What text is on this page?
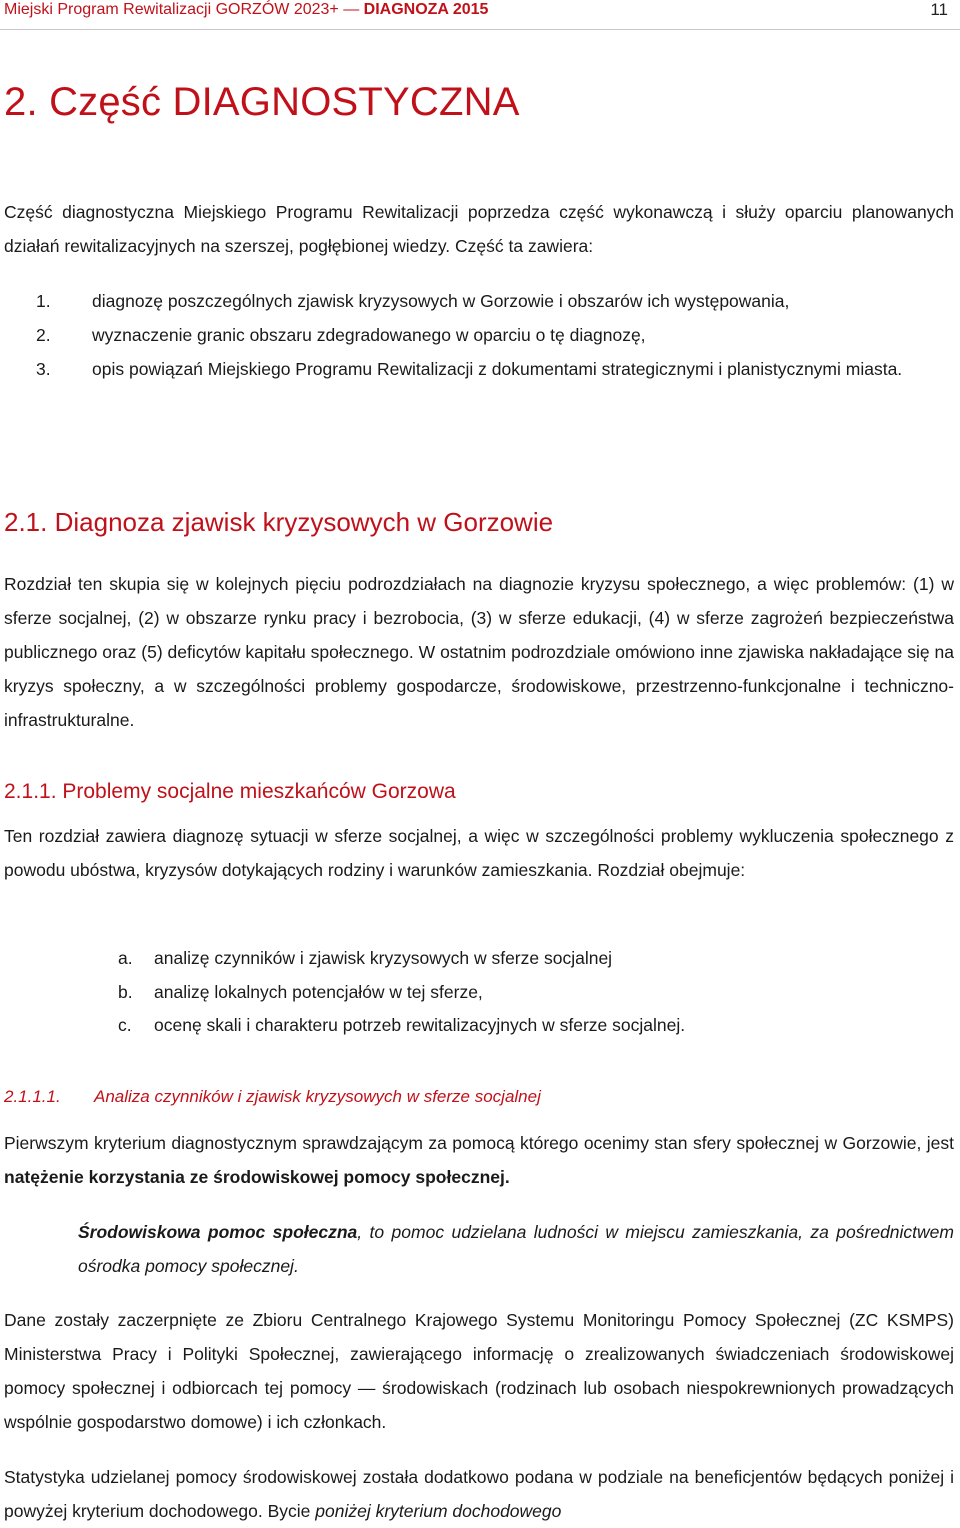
Miejski Program Rewitalizacji GORZÓW 2023+ — DIAGNOZA 2015	11
2. Część DIAGNOSTYCZNA
Część diagnostyczna Miejskiego Programu Rewitalizacji poprzedza część wykonawczą i służy oparciu planowanych działań rewitalizacyjnych na szerszej, pogłębionej wiedzy. Część ta zawiera:
1. diagnozę poszczególnych zjawisk kryzysowych w Gorzowie i obszarów ich występowania,
2. wyznaczenie granic obszaru zdegradowanego w oparciu o tę diagnozę,
3. opis powiązań Miejskiego Programu Rewitalizacji z dokumentami strategicznymi i planistycznymi miasta.
2.1. Diagnoza zjawisk kryzysowych w Gorzowie
Rozdział ten skupia się w kolejnych pięciu podrozdziałach na diagnozie kryzysu społecznego, a więc problemów: (1) w sferze socjalnej, (2) w obszarze rynku pracy i bezrobocia, (3) w sferze edukacji, (4) w sferze zagrożeń bezpieczeństwa publicznego oraz (5) deficytów kapitału społecznego. W ostatnim podrozdziale omówiono inne zjawiska nakładające się na kryzys społeczny, a w szczególności problemy gospodarcze, środowiskowe, przestrzenno-funkcjonalne i techniczno-infrastrukturalne.
2.1.1. Problemy socjalne mieszkańców Gorzowa
Ten rozdział zawiera diagnozę sytuacji w sferze socjalnej, a więc w szczególności problemy wykluczenia społecznego z powodu ubóstwa, kryzysów dotykających rodziny i warunków zamieszkania. Rozdział obejmuje:
a. analizę czynników i zjawisk kryzysowych w sferze socjalnej
b. analizę lokalnych potencjałów w tej sferze,
c. ocenę skali i charakteru potrzeb rewitalizacyjnych w sferze socjalnej.
2.1.1.1. Analiza czynników i zjawisk kryzysowych w sferze socjalnej
Pierwszym kryterium diagnostycznym sprawdzającym za pomocą którego ocenimy stan sfery społecznej w Gorzowie, jest natężenie korzystania ze środowiskowej pomocy społecznej.
Środowiskowa pomoc społeczna, to pomoc udzielana ludności w miejscu zamieszkania, za pośrednictwem ośrodka pomocy społecznej.
Dane zostały zaczerpnięte ze Zbioru Centralnego Krajowego Systemu Monitoringu Pomocy Społecznej (ZC KSMPS) Ministerstwa Pracy i Polityki Społecznej, zawierającego informację o zrealizowanych świadczeniach środowiskowej pomocy społecznej i odbiorcach tej pomocy — środowiskach (rodzinach lub osobach niespokrewnionych prowadzących wspólnie gospodarstwo domowe) i ich członkach.
Statystyka udzielanej pomocy środowiskowej została dodatkowo podana w podziale na beneficjentów będących poniżej i powyżej kryterium dochodowego. Bycie poniżej kryterium dochodowego
